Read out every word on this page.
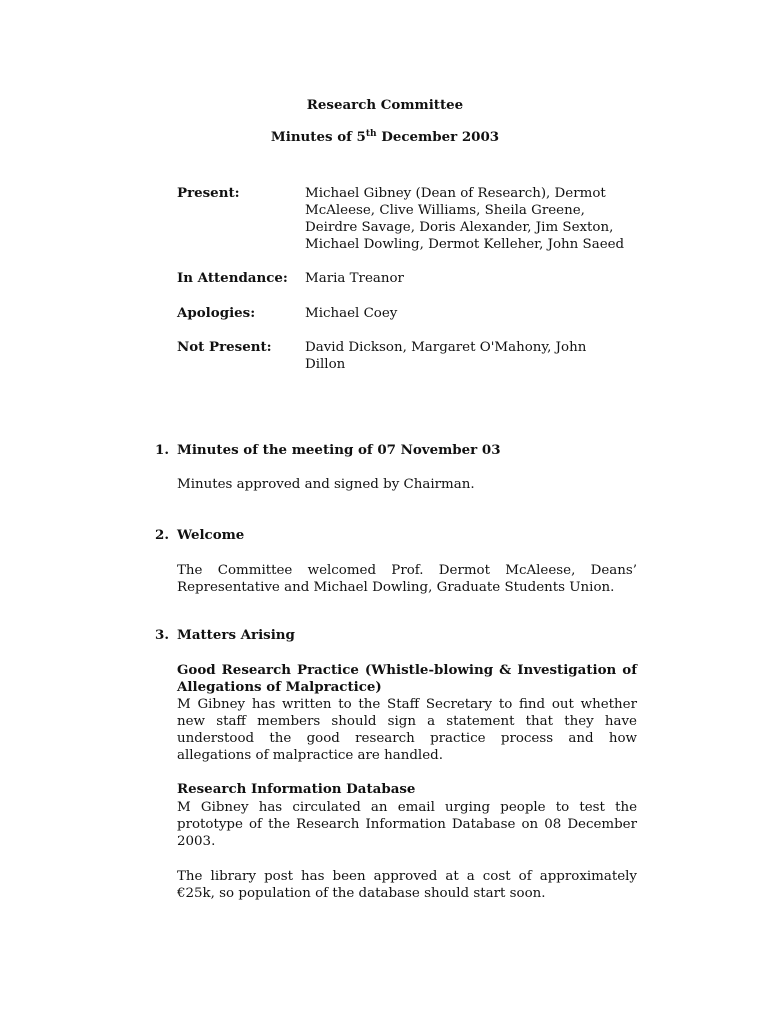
Research Committee
Minutes of 5th December 2003
Present:	Michael Gibney (Dean of Research), Dermot McAleese, Clive Williams, Sheila Greene, Deirdre Savage, Doris Alexander, Jim Sexton, Michael Dowling, Dermot Kelleher, John Saeed
In Attendance: Maria Treanor
Apologies:	Michael Coey
Not Present: David Dickson, Margaret O'Mahony, John Dillon
1. Minutes of the meeting of 07 November 03
Minutes approved and signed by Chairman.
2. Welcome
The Committee welcomed Prof. Dermot McAleese, Deans’ Representative and Michael Dowling, Graduate Students Union.
3. Matters Arising
Good Research Practice (Whistle-blowing & Investigation of Allegations of Malpractice)
M Gibney has written to the Staff Secretary to find out whether new staff members should sign a statement that they have understood the good research practice process and how allegations of malpractice are handled.
Research Information Database
M Gibney has circulated an email urging people to test the prototype of the Research Information Database on 08 December 2003.
The library post has been approved at a cost of approximately €25k, so population of the database should start soon.
